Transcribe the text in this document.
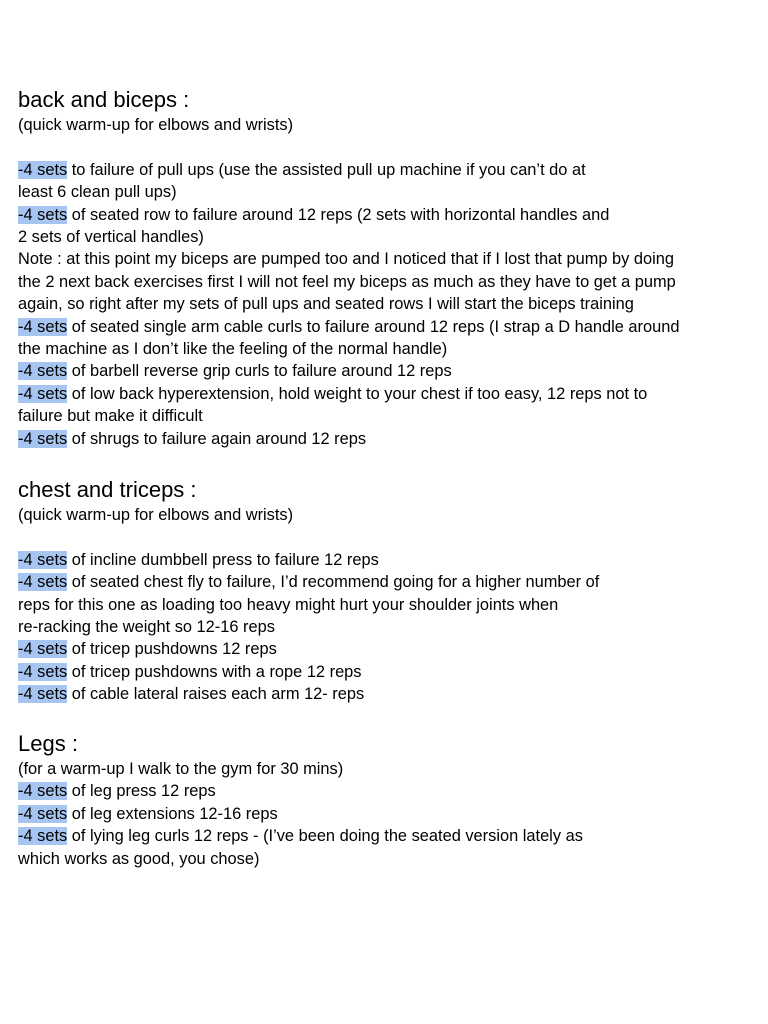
back and biceps :
(quick warm-up for elbows and wrists)
-4 sets to failure of pull ups (use the assisted pull up machine if you can’t do at
least 6 clean pull ups)
-4 sets of seated row to failure around 12 reps (2 sets with horizontal handles and
2 sets of vertical handles)
Note : at this point my biceps are pumped too and I noticed that if I lost that pump by doing
the 2 next back exercises first I will not feel my biceps as much as they have to get a pump
again, so right after my sets of pull ups and seated rows I will start the biceps training
-4 sets of seated single arm cable curls to failure around 12 reps (I strap a D handle around
the machine as I don’t like the feeling of the normal handle)
-4 sets of barbell reverse grip curls to failure around 12 reps
-4 sets of low back hyperextension, hold weight to your chest if too easy, 12 reps not to
failure but make it difficult
-4 sets of shrugs to failure again around 12 reps
chest and triceps :
(quick warm-up for elbows and wrists)
-4 sets of incline dumbbell press to failure 12 reps
-4 sets of seated chest fly to failure, I’d recommend going for a higher number of
reps for this one as loading too heavy might hurt your shoulder joints when
re-racking the weight so 12-16 reps
-4 sets of tricep pushdowns 12 reps
-4 sets of tricep pushdowns with a rope 12 reps
-4 sets of cable lateral raises each arm 12- reps
Legs :
(for a warm-up I walk to the gym for 30 mins)
-4 sets of leg press 12 reps
-4 sets of leg extensions 12-16 reps
-4 sets of lying leg curls 12 reps - (I’ve been doing the seated version lately as
which works as good, you chose)
